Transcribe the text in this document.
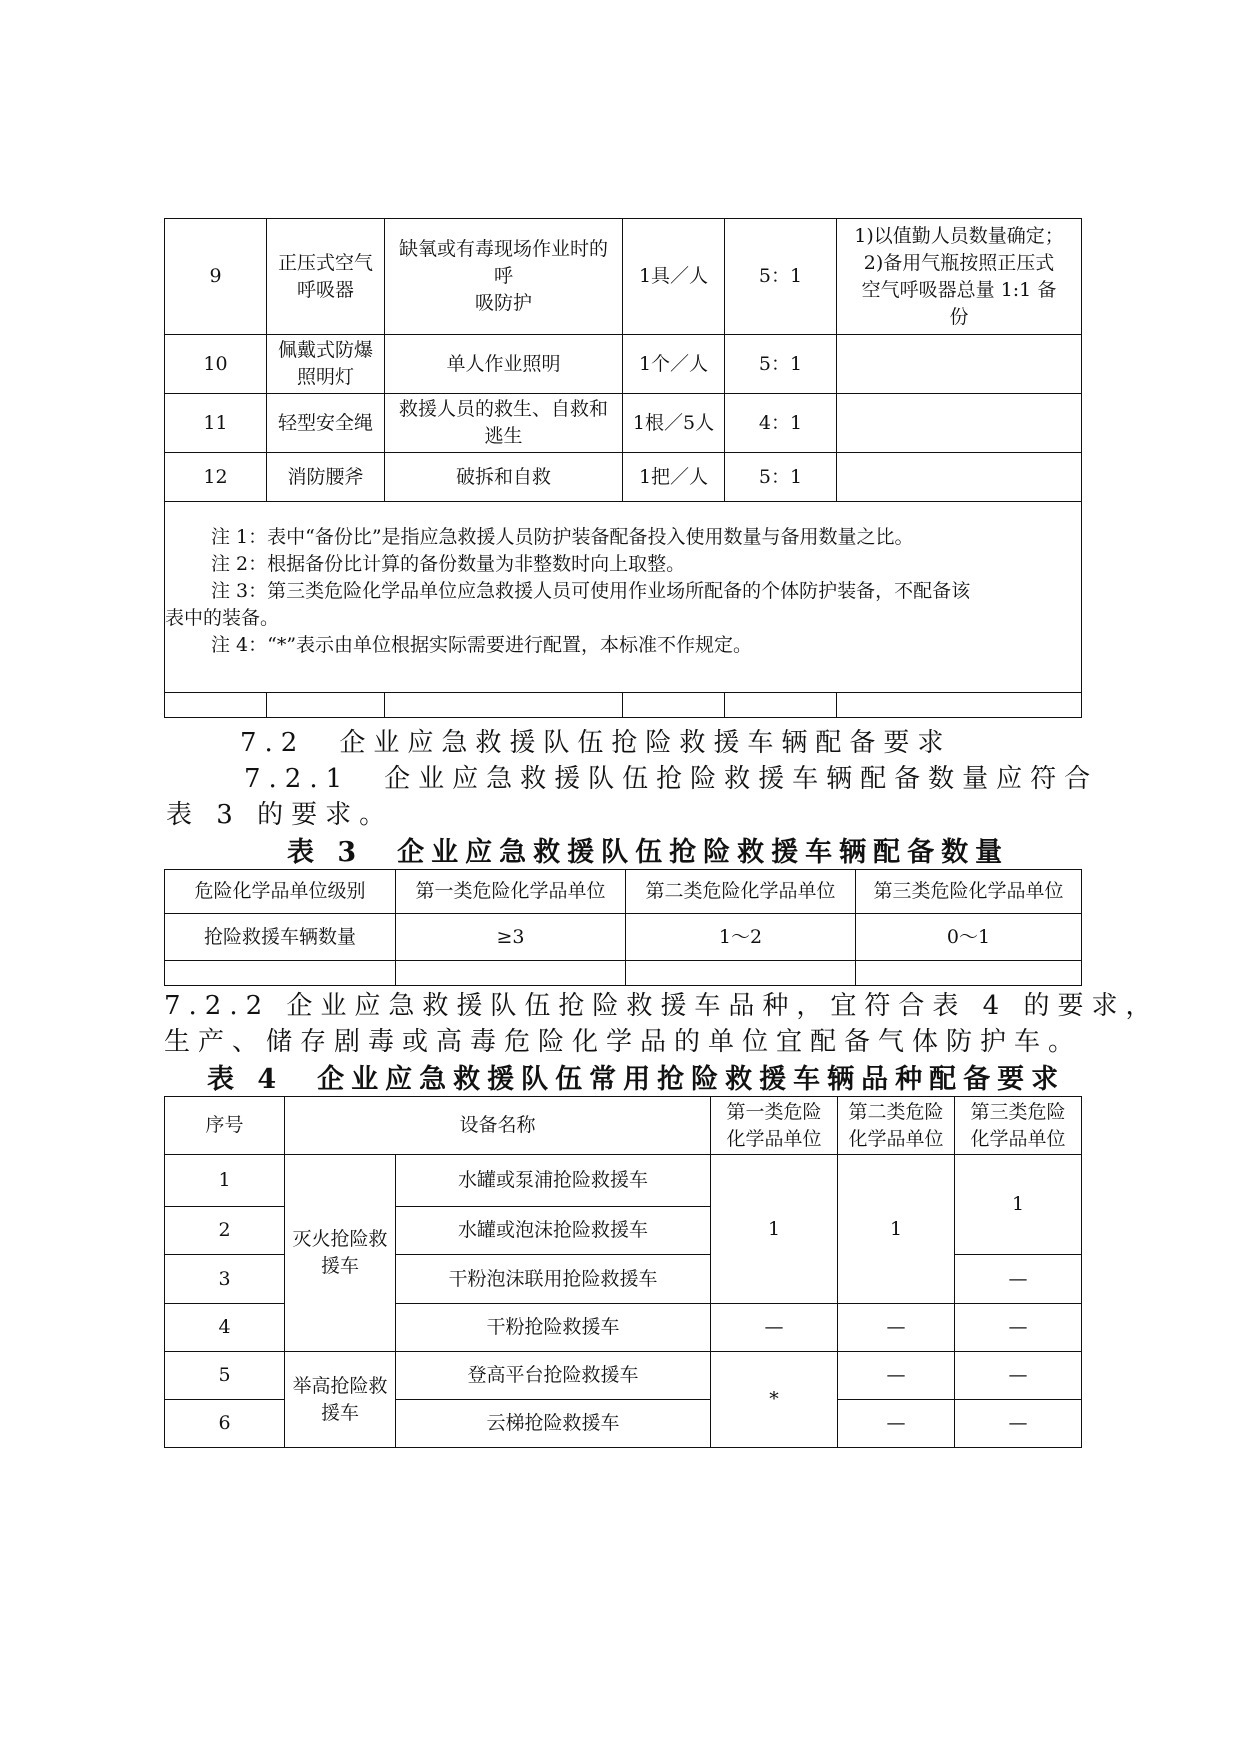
9	正压式空气
呼吸器	缺氧或有毒现场作业时的
呼
吸防护	1具／人	5：1	1)以值勤人员数量确定；
2)备用气瓶按照正压式
空气呼吸器总量 1:1 备
份
10	佩戴式防爆
照明灯	单人作业照明	1个／人	5：1	
11	轻型安全绳	救援人员的救生、自救和
逃生	1根／5人	4：1	
12	消防腰斧	破拆和自救	1把／人	5：1	

注 1：表中“备份比”是指应急救援人员防护装备配备投入使用数量与备用数量之比。
注 2：根据备份比计算的备份数量为非整数时向上取整。
注 3：第三类危险化学品单位应急救援人员可使用作业场所配备的个体防护装备，不配备该
表中的装备。
注 4：“*”表示由单位根据实际需要进行配置，本标准不作规定。					

7.2　企业应急救援队伍抢险救援车辆配备要求
7.2.1　企业应急救援队伍抢险救援车辆配备数量应符合
表 3 的要求。
表 3　企业应急救援队伍抢险救援车辆配备数量
危险化学品单位级别	第一类危险化学品单位	第二类危险化学品单位	第三类危险化学品单位
抢险救援车辆数量	≥3	1～2	0～1

7.2.2 企业应急救援队伍抢险救援车品种，宜符合表 4 的要求，
生产、储存剧毒或高毒危险化学品的单位宜配备气体防护车。
表 4　企业应急救援队伍常用抢险救援车辆品种配备要求
序号	设备名称		第一类危险
化学品单位	第二类危险
化学品单位	第三类危险
化学品单位
1	灭火抢险救
援车	水罐或泵浦抢险救援车	1	1	1
2		水罐或泡沫抢险救援车			
3		干粉泡沫联用抢险救援车			—
4		干粉抢险救援车	—	—	—
5	举高抢险救
援车	登高平台抢险救援车	*	—	—
6		云梯抢险救援车		—	—
